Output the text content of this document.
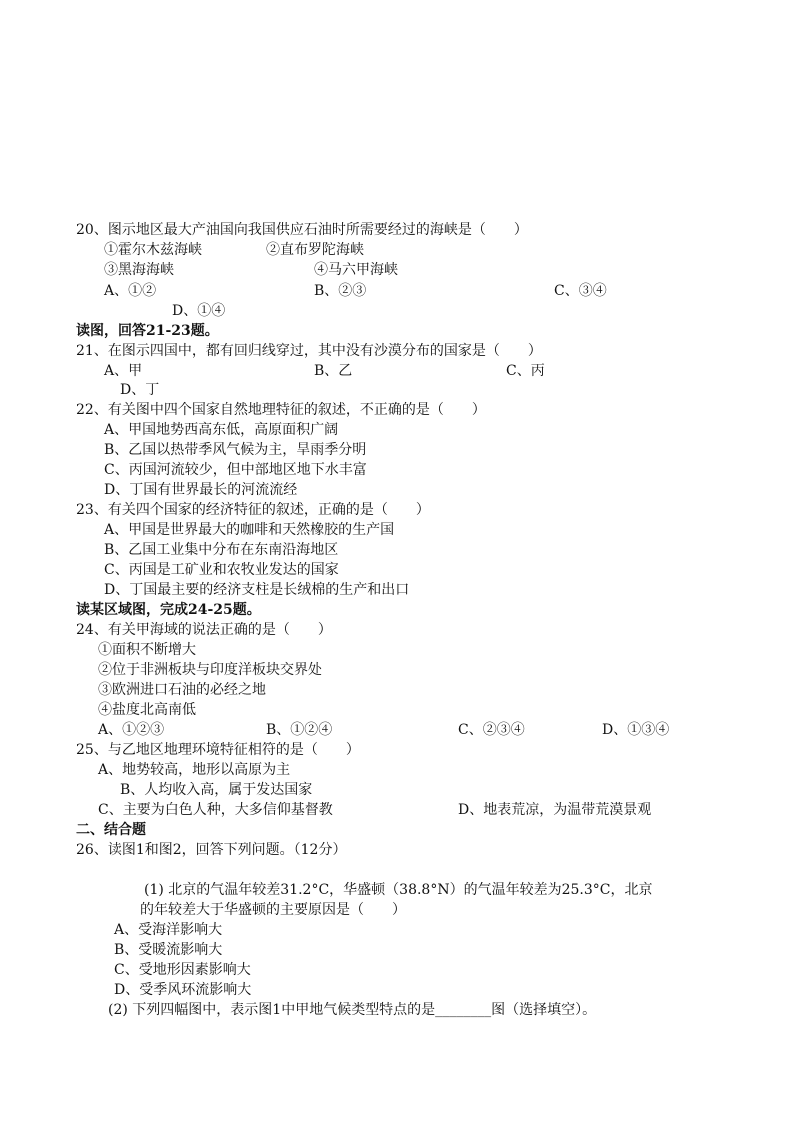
20、图示地区最大产油国向我国供应石油时所需要经过的海峡是（　　）
①霍尔木兹海峡	②直布罗陀海峡
③黑海海峡	④马六甲海峡
A、①②	B、②③	C、③④
D、①④
读图，回答21-23题。
21、在图示四国中，都有回归线穿过，其中没有沙漠分布的国家是（　　）
A、甲	B、乙	C、丙
D、丁
22、有关图中四个国家自然地理特征的叙述，不正确的是（　　）
A、甲国地势西高东低，高原面积广阔
B、乙国以热带季风气候为主，旱雨季分明
C、丙国河流较少，但中部地区地下水丰富
D、丁国有世界最长的河流流经
23、有关四个国家的经济特征的叙述，正确的是（　　）
A、甲国是世界最大的咖啡和天然橡胶的生产国
B、乙国工业集中分布在东南沿海地区
C、丙国是工矿业和农牧业发达的国家
D、丁国最主要的经济支柱是长绒棉的生产和出口
读某区域图，完成24-25题。
24、有关甲海域的说法正确的是（　　）
①面积不断增大
②位于非洲板块与印度洋板块交界处
③欧洲进口石油的必经之地
④盐度北高南低
A、①②③	B、①②④	C、②③④	D、①③④
25、与乙地区地理环境特征相符的是（　　）
A、地势较高，地形以高原为主
B、人均收入高，属于发达国家
C、主要为白色人种，大多信仰基督教	D、地表荒凉，为温带荒漠景观
二、结合题
26、读图1和图2，回答下列问题。（12分）
(1) 北京的气温年较差31.2°C，华盛顿（38.8°N）的气温年较差为25.3°C，北京
的年较差大于华盛顿的主要原因是（　　）
A、受海洋影响大
B、受暖流影响大
C、受地形因素影响大
D、受季风环流影响大
(2) 下列四幅图中，表示图1中甲地气候类型特点的是________图（选择填空）。
